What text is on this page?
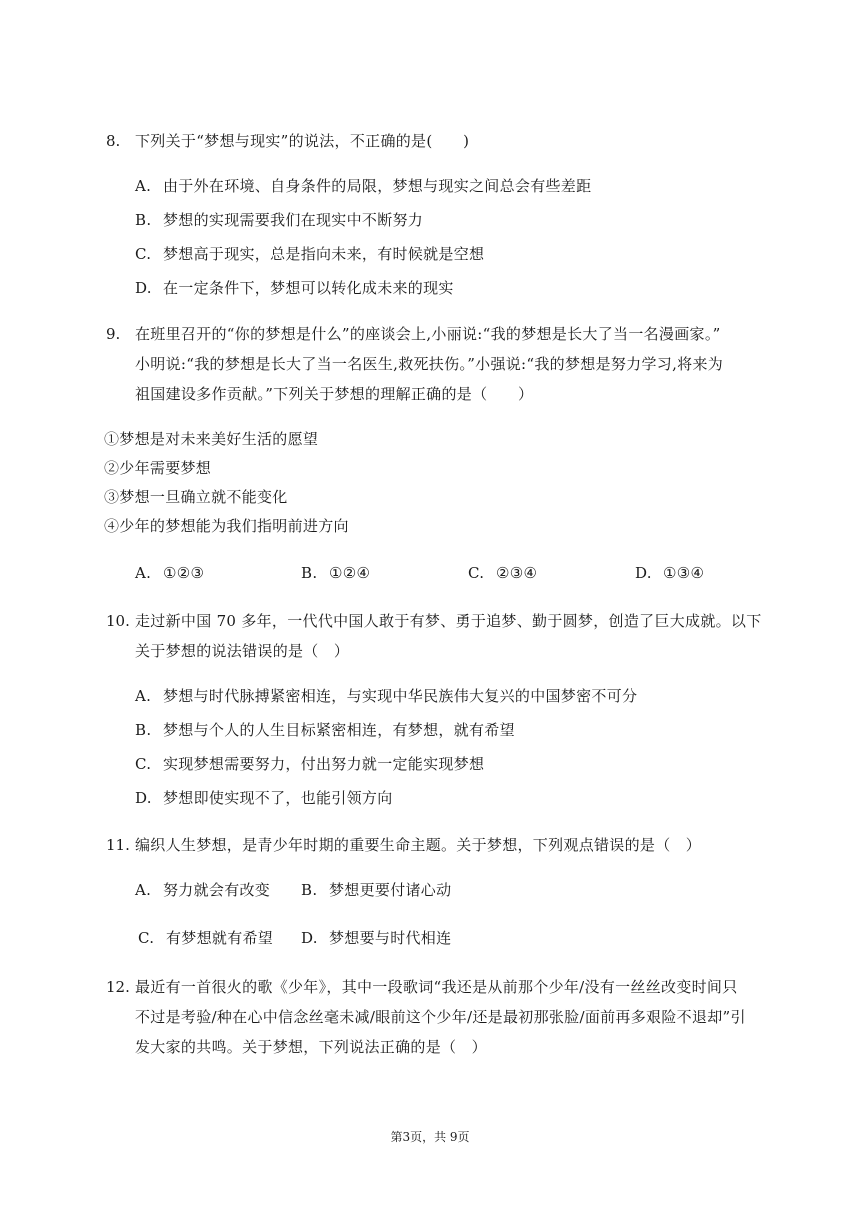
8. 下列关于“梦想与现实”的说法，不正确的是(　　)
A. 由于外在环境、自身条件的局限，梦想与现实之间总会有些差距
B. 梦想的实现需要我们在现实中不断努力
C. 梦想高于现实，总是指向未来，有时候就是空想
D. 在一定条件下，梦想可以转化成未来的现实
9. 在班里召开的“你的梦想是什么”的座谈会上,小丽说:“我的梦想是长大了当一名漫画家。”
小明说:“我的梦想是长大了当一名医生,救死扶伤。”小强说:“我的梦想是努力学习,将来为
祖国建设多作贡献。”下列关于梦想的理解正确的是（　　）
①梦想是对未来美好生活的愿望
②少年需要梦想
③梦想一旦确立就不能变化
④少年的梦想能为我们指明前进方向
A. ①②③	B. ①②④	C. ②③④	D. ①③④
10. 走过新中国 70 多年，一代代中国人敢于有梦、勇于追梦、勤于圆梦，创造了巨大成就。以下
关于梦想的说法错误的是（　）
A. 梦想与时代脉搏紧密相连，与实现中华民族伟大复兴的中国梦密不可分
B. 梦想与个人的人生目标紧密相连，有梦想，就有希望
C. 实现梦想需要努力，付出努力就一定能实现梦想
D. 梦想即使实现不了，也能引领方向
11. 编织人生梦想，是青少年时期的重要生命主题。关于梦想，下列观点错误的是（　）
A. 努力就会有改变 B. 梦想更要付诸心动
C. 有梦想就有希望 D. 梦想要与时代相连
12. 最近有一首很火的歌《少年》，其中一段歌词“我还是从前那个少年/没有一丝丝改变时间只
不过是考验/种在心中信念丝毫未减/眼前这个少年/还是最初那张脸/面前再多艰险不退却”引
发大家的共鸣。关于梦想，下列说法正确的是（　）
第3页，共 9页
